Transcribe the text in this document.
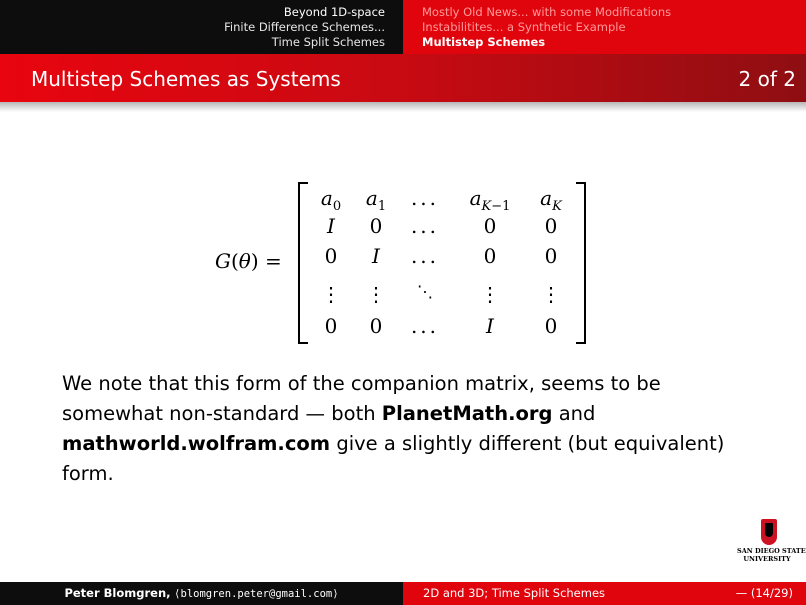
Beyond 1D-space
Finite Difference Schemes...
Time Split Schemes
Mostly Old News... with some Modifications
Instabilitites... a Synthetic Example
Multistep Schemes
Multistep Schemes as Systems	2 of 2
G(θ) =
$a_0$	$a_1$	...	$a_{K-1}$	$a_K$
I	0	...	0	0
0	I	...	0	0
⋮	⋮	⋱	⋮	⋮
0	0	...	I	0
We note that this form of the companion matrix, seems to be somewhat non-standard — both PlanetMath.org and mathworld.wolfram.com give a slightly different (but equivalent) form.
SAN DIEGO STATE
UNIVERSITY
Peter Blomgren, ⟨blomgren.peter@gmail.com⟩	2D and 3D; Time Split Schemes	— (14/29)
